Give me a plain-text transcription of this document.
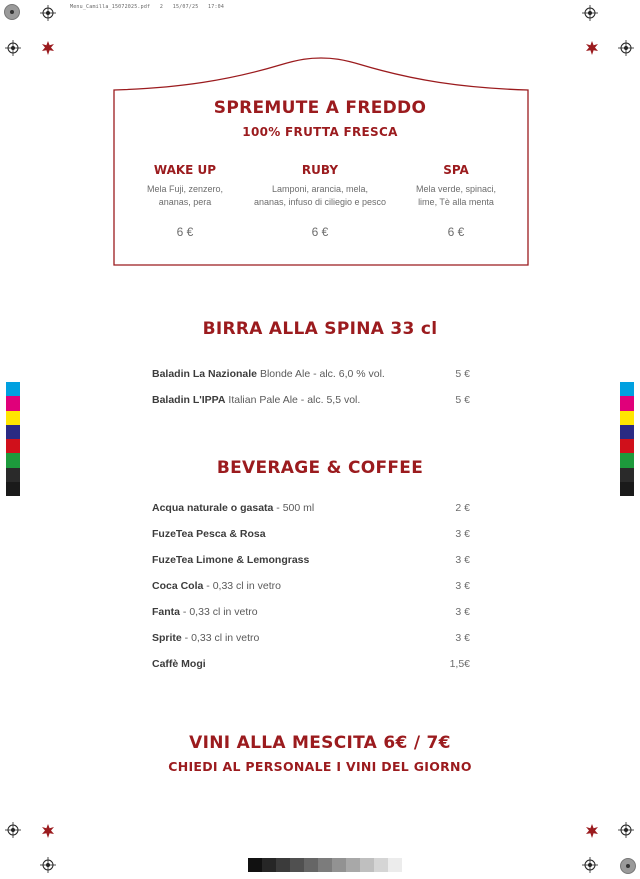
Menu_Camilla_15072025.pdf   2   15/07/25   17:04
SPREMUTE A FREDDO
100% FRUTTA FRESCA
WAKE UP
Mela Fuji, zenzero,
ananas, pera
6 €
RUBY
Lamponi, arancia, mela,
ananas, infuso di ciliegio e pesco
6 €
SPA
Mela verde, spinaci,
lime, Tè alla menta
6 €
BIRRA ALLA SPINA 33 cl
Baladin La Nazionale Blonde Ale - alc. 6,0 % vol.	5 €
Baladin L'IPPA Italian Pale Ale - alc. 5,5 vol.	5 €
BEVERAGE & COFFEE
Acqua naturale o gasata - 500 ml	2 €
FuzeTea Pesca & Rosa	3 €
FuzeTea Limone & Lemongrass	3 €
Coca Cola - 0,33 cl in vetro	3 €
Fanta - 0,33 cl in vetro	3 €
Sprite - 0,33 cl in vetro	3 €
Caffè Mogi	1,5€
VINI ALLA MESCITA 6€ / 7€
CHIEDI AL PERSONALE I VINI DEL GIORNO
